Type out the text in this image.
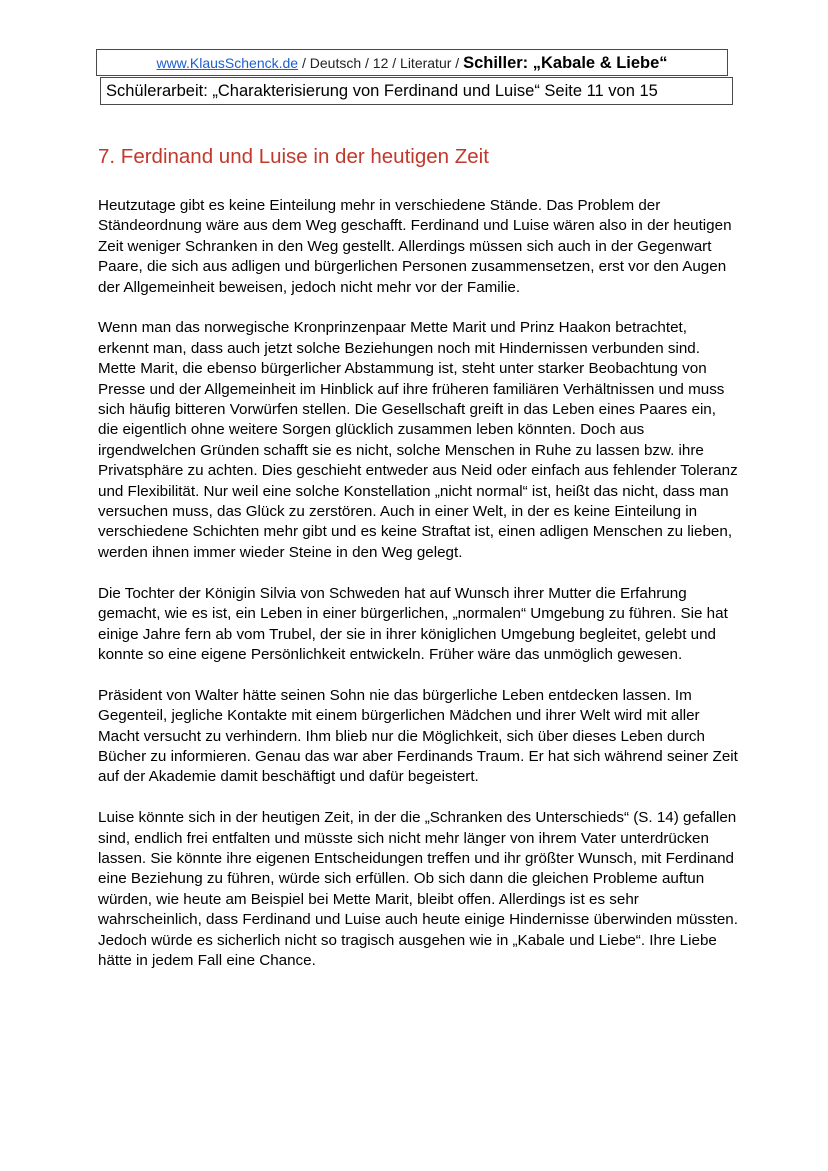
www.KlausSchenck.de / Deutsch / 12 / Literatur / Schiller: „Kabale & Liebe“
Schülerarbeit: „Charakterisierung von Ferdinand und Luise“ Seite 11 von 15
7. Ferdinand und Luise in der heutigen Zeit

Heutzutage gibt es keine Einteilung mehr in verschiedene Stände. Das Problem der Ständeordnung wäre aus dem Weg geschafft. Ferdinand und Luise wären also in der heutigen Zeit weniger Schranken in den Weg gestellt. Allerdings müssen sich auch in der Gegenwart Paare, die sich aus adligen und bürgerlichen Personen zusammensetzen, erst vor den Augen der Allgemeinheit beweisen, jedoch nicht mehr vor der Familie.

Wenn man das norwegische Kronprinzenpaar Mette Marit und Prinz Haakon betrachtet, erkennt man, dass auch jetzt solche Beziehungen noch mit Hindernissen verbunden sind. Mette Marit, die ebenso bürgerlicher Abstammung ist, steht unter starker Beobachtung von Presse und der Allgemeinheit im Hinblick auf ihre früheren familiären Verhältnissen und muss sich häufig bitteren Vorwürfen stellen. Die Gesellschaft greift in das Leben eines Paares ein, die eigentlich ohne weitere Sorgen glücklich zusammen leben könnten. Doch aus irgendwelchen Gründen schafft sie es nicht, solche Menschen in Ruhe zu lassen bzw. ihre Privatsphäre zu achten. Dies geschieht entweder aus Neid oder einfach aus fehlender Toleranz und Flexibilität. Nur weil eine solche Konstellation „nicht normal“ ist, heißt das nicht, dass man versuchen muss, das Glück zu zerstören. Auch in einer Welt, in der es keine Einteilung in verschiedene Schichten mehr gibt und es keine Straftat ist, einen adligen Menschen zu lieben, werden ihnen immer wieder Steine in den Weg gelegt.

Die Tochter der Königin Silvia von Schweden hat auf Wunsch ihrer Mutter die Erfahrung gemacht, wie es ist, ein Leben in einer bürgerlichen, „normalen“ Umgebung zu führen. Sie hat einige Jahre fern ab vom Trubel, der sie in ihrer königlichen Umgebung begleitet, gelebt und konnte so eine eigene Persönlichkeit entwickeln. Früher wäre das unmöglich gewesen.

Präsident von Walter hätte seinen Sohn nie das bürgerliche Leben entdecken lassen. Im Gegenteil, jegliche Kontakte mit einem bürgerlichen Mädchen und ihrer Welt wird mit aller Macht versucht zu verhindern. Ihm blieb nur die Möglichkeit, sich über dieses Leben durch Bücher zu informieren. Genau das war aber Ferdinands Traum. Er hat sich während seiner Zeit auf der Akademie damit beschäftigt und dafür begeistert.

Luise könnte sich in der heutigen Zeit, in der die „Schranken des Unterschieds“ (S. 14) gefallen sind, endlich frei entfalten und müsste sich nicht mehr länger von ihrem Vater unterdrücken lassen. Sie könnte ihre eigenen Entscheidungen treffen und ihr größter Wunsch, mit Ferdinand eine Beziehung zu führen, würde sich erfüllen. Ob sich dann die gleichen Probleme auftun würden, wie heute am Beispiel bei Mette Marit, bleibt offen. Allerdings ist es sehr wahrscheinlich, dass Ferdinand und Luise auch heute einige Hindernisse überwinden müssten. Jedoch würde es sicherlich nicht so tragisch ausgehen wie in „Kabale und Liebe“. Ihre Liebe hätte in jedem Fall eine Chance.
